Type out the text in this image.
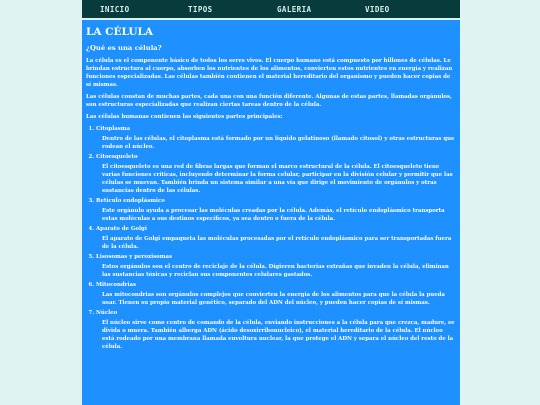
INICIO	TIPOS	GALERIA	VIDEO
LA CÉLULA
¿Qué es una célula?

La célula es el componente básico de todos los seres vivos. El cuerpo humano está compuesto por billones de células. Le brindan estructura al cuerpo, absorben los nutrientes de los alimentos, convierten estos nutrientes en energía y realizan funciones especializadas. Las células también contienen el material hereditario del organismo y pueden hacer copias de sí mismas.

Las células constan de muchas partes, cada una con una función diferente. Algunas de estas partes, llamadas orgánulos, son estructuras especializadas que realizan ciertas tareas dentro de la célula.

Las células humanas contienen las siguientes partes principales:

1. Citoplasma
Dentro de las células, el citoplasma está formado por un líquido gelatinoso (llamado citosol) y otras estructuras que rodean el núcleo.
2. Citoesqueleto
El citoesqueleto es una red de fibras largas que forman el marco estructural de la célula. El citoesqueleto tiene varias funciones críticas, incluyendo determinar la forma celular, participar en la división celular y permitir que las células se muevan. También brinda un sistema similar a una vía que dirige el movimiento de orgánulos y otras sustancias dentro de las células.
3. Retículo endoplásmico
Este orgánulo ayuda a procesar las moléculas creadas por la célula. Además, el retículo endoplásmico transporta estas moléculas a sus destinos específicos, ya sea dentro o fuera de la célula.
4. Aparato de Golgi
El aparato de Golgi empaqueta las moléculas procesadas por el retículo endoplásmico para ser transportadas fuera de la célula.
5. Lisosomas y peroxisomas
Estos orgánulos son el centro de reciclaje de la célula. Digieren bacterias extrañas que invaden la célula, eliminan las sustancias tóxicas y reciclan sus componentes celulares gastados.
6. Mitocondrias
Las mitocondrias son orgánulos complejos que convierten la energía de los alimentos para que la célula la pueda usar. Tienen su propio material genético, separado del ADN del núcleo, y pueden hacer copias de sí mismas.
7. Núcleo
El núcleo sirve como centro de comando de la célula, enviando instrucciones a la célula para que crezca, madure, se divida o muera. También alberga ADN (ácido desoxirribonucleico), el material hereditario de la célula. El núcleo está rodeado por una membrana llamada envoltura nuclear, la que protege el ADN y separa el núcleo del resto de la célula.
